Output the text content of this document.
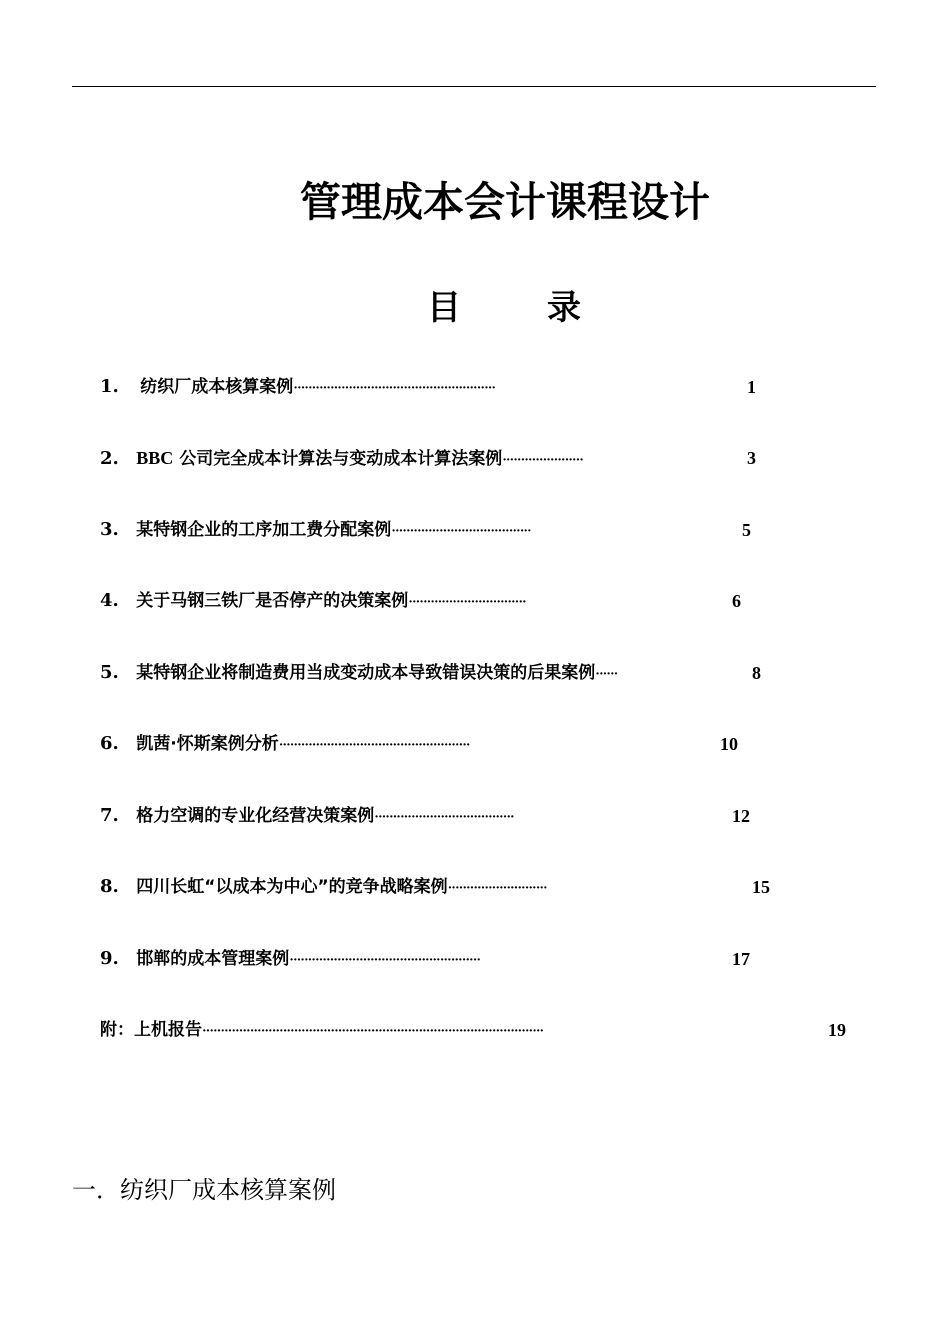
管理成本会计课程设计
目	录
1. 纺织厂成本核算案例·······················································	1
2. BBC 公司完全成本计算法与变动成本计算法案例······················	3
3. 某特钢企业的工序加工费分配案例······································	5
4. 关于马钢三铁厂是否停产的决策案例································	6
5. 某特钢企业将制造费用当成变动成本导致错误决策的后果案例······	8
6. 凯茜·怀斯案例分析····················································	10
7. 格力空调的专业化经营决策案例······································	12
8. 四川长虹“以成本为中心”的竞争战略案例···························	15
9. 邯郸的成本管理案例····················································	17
附：上机报告·····························································································	19
一．纺织厂成本核算案例
